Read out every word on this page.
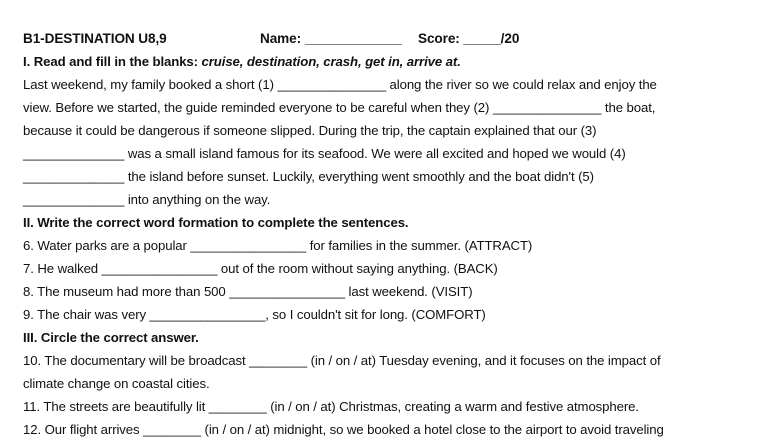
B1-DESTINATION U8,9	Name: _____________ Score: _____/20
I. Read and fill in the blanks: cruise, destination, crash, get in, arrive at.
Last weekend, my family booked a short (1) _______________ along the river so we could relax and enjoy the
view. Before we started, the guide reminded everyone to be careful when they (2) _______________ the boat,
because it could be dangerous if someone slipped. During the trip, the captain explained that our (3)
______________ was a small island famous for its seafood. We were all excited and hoped we would (4)
______________ the island before sunset. Luckily, everything went smoothly and the boat didn't (5)
______________ into anything on the way.
II. Write the correct word formation to complete the sentences.
6. Water parks are a popular ________________ for families in the summer. (ATTRACT)
7. He walked ________________ out of the room without saying anything. (BACK)
8. The museum had more than 500 ________________ last weekend. (VISIT)
9. The chair was very ________________, so I couldn't sit for long. (COMFORT)
III. Circle the correct answer.
10. The documentary will be broadcast ________ (in / on / at) Tuesday evening, and it focuses on the impact of
climate change on coastal cities.
11. The streets are beautifully lit ________ (in / on / at) Christmas, creating a warm and festive atmosphere.
12. Our flight arrives ________ (in / on / at) midnight, so we booked a hotel close to the airport to avoid traveling
